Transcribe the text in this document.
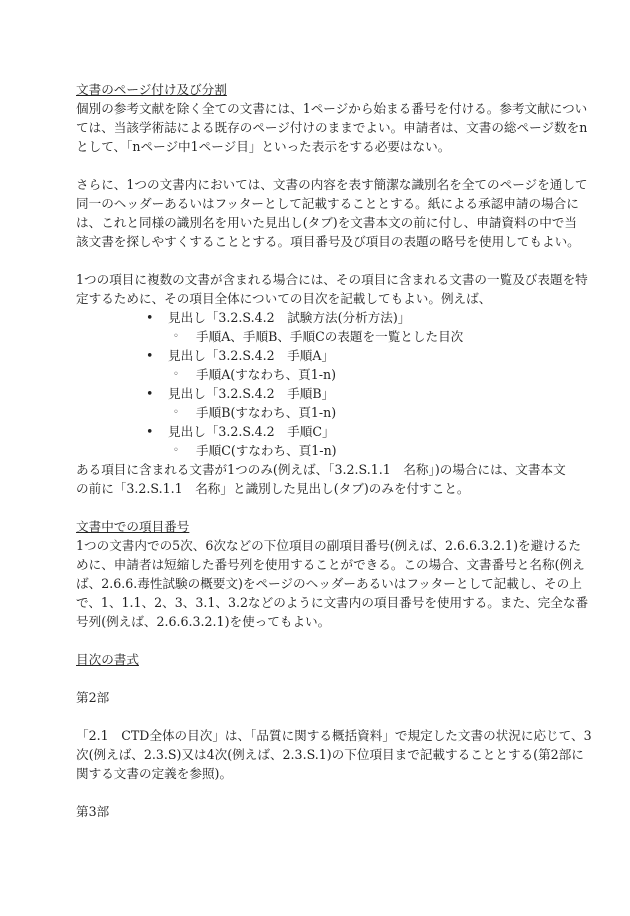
文書のページ付け及び分割
個別の参考文献を除く全ての文書には、1ページから始まる番号を付ける。参考文献につい
ては、当該学術誌による既存のページ付けのままでよい。申請者は、文書の総ページ数をn
として、「nページ中1ページ目」といった表示をする必要はない。
さらに、1つの文書内においては、文書の内容を表す簡潔な識別名を全てのページを通して
同一のヘッダーあるいはフッターとして記載することとする。紙による承認申請の場合に
は、これと同様の識別名を用いた見出し(タブ)を文書本文の前に付し、申請資料の中で当
該文書を探しやすくすることとする。項目番号及び項目の表題の略号を使用してもよい。
1つの項目に複数の文書が含まれる場合には、その項目に含まれる文書の一覧及び表題を特
定するために、その項目全体についての目次を記載してもよい。例えば、
• 見出し「3.2.S.4.2　試験方法(分析方法)」
◦ 手順A、手順B、手順Cの表題を一覧とした目次
• 見出し「3.2.S.4.2　手順A」
◦ 手順A(すなわち、頁1-n)
• 見出し「3.2.S.4.2　手順B」
◦ 手順B(すなわち、頁1-n)
• 見出し「3.2.S.4.2　手順C」
◦ 手順C(すなわち、頁1-n)
ある項目に含まれる文書が1つのみ(例えば、「3.2.S.1.1　名称」)の場合には、文書本文
の前に「3.2.S.1.1　名称」と識別した見出し(タブ)のみを付すこと。
文書中での項目番号
1つの文書内での5次、6次などの下位項目の副項目番号(例えば、2.6.6.3.2.1)を避けるた
めに、申請者は短縮した番号列を使用することができる。この場合、文書番号と名称(例え
ば、2.6.6.毒性試験の概要文)をページのヘッダーあるいはフッターとして記載し、その上
で、1、1.1、2、3、3.1、3.2などのように文書内の項目番号を使用する。また、完全な番
号列(例えば、2.6.6.3.2.1)を使ってもよい。
目次の書式
第2部
「2.1　CTD全体の目次」は、「品質に関する概括資料」で規定した文書の状況に応じて、3
次(例えば、2.3.S)又は4次(例えば、2.3.S.1)の下位項目まで記載することとする(第2部に
関する文書の定義を参照)。
第3部
